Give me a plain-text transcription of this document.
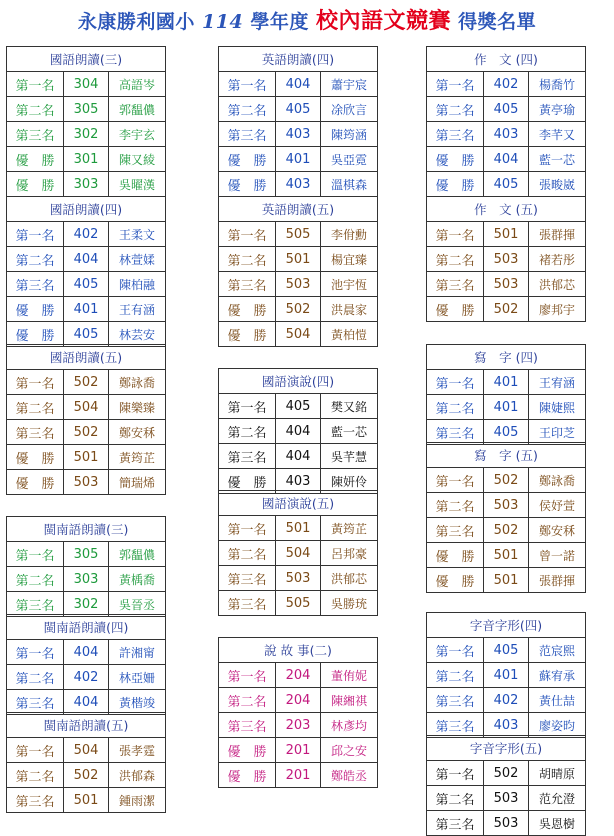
永康勝利國小 114 學年度 校內語文競賽 得獎名單
國語朗讀(三)		
第一名	304	高語岑
第二名	305	郭馧儂
第三名	302	李宇玄
優　勝	301	陳又綾
優　勝	303	吳曜漢
國語朗讀(四)		
第一名	402	王柔文
第二名	404	林萱媃
第三名	405	陳柏融
優　勝	401	王有涵
優　勝	405	林芸安
國語朗讀(五)		
第一名	502	鄭詠喬
第二名	504	陳樂臻
第三名	502	鄭安秝
優　勝	501	黃筠芷
優　勝	503	簡瑞烯
閩南語朗讀(三)		
第一名	305	郭馧儂
第二名	303	黃楀喬
第三名	302	吳晉丞
閩南語朗讀(四)		
第一名	404	許湘甯
第二名	402	林亞姍
第三名	404	黃楷竣
閩南語朗讀(五)		
第一名	504	張孝霆
第二名	502	洪郁森
第三名	501	鍾雨潔
英語朗讀(四)		
第一名	404	蕭宇宸
第二名	405	凃欣言
第三名	403	陳筠涵
優　勝	401	吳亞霓
優　勝	403	溫棋森
英語朗讀(五)		
第一名	505	李佾勳
第二名	501	楊宜臻
第三名	503	池宇恆
優　勝	502	洪晨家
優　勝	504	黃柏愷
國語演說(四)		
第一名	405	樊又銘
第二名	404	藍一芯
第三名	404	吳芊慧
優　勝	403	陳妍伶
國語演說(五)		
第一名	501	黃筠芷
第二名	504	呂邦豪
第三名	503	洪郁芯
第三名	505	吳勝珫
說 故 事(二)		
第一名	204	董侑妮
第二名	204	陳緗祺
第三名	203	林彥均
優　勝	201	邱之安
優　勝	201	鄭皓丞
作　文 (四)		
第一名	402	楊喬竹
第二名	405	黃亭瑜
第三名	403	李芊又
優　勝	404	藍一芯
優　勝	405	張畯崴
作　文 (五)		
第一名	501	張群揮
第二名	503	褚若彤
第三名	503	洪郁芯
優　勝	502	廖邦宇
寫　字 (四)		
第一名	401	王宥涵
第二名	401	陳婕熙
第三名	405	王印芝
寫　字 (五)		
第一名	502	鄭詠喬
第二名	503	侯妤萱
第三名	502	鄭安秝
優　勝	501	曾一諾
優　勝	501	張群揮
字音字形(四)		
第一名	405	范宸熙
第二名	401	蘇宥承
第三名	402	黃仕喆
第三名	403	廖姿昀
字音字形(五)		
第一名	502	胡晴原
第二名	503	范允澄
第三名	503	吳恩樹
